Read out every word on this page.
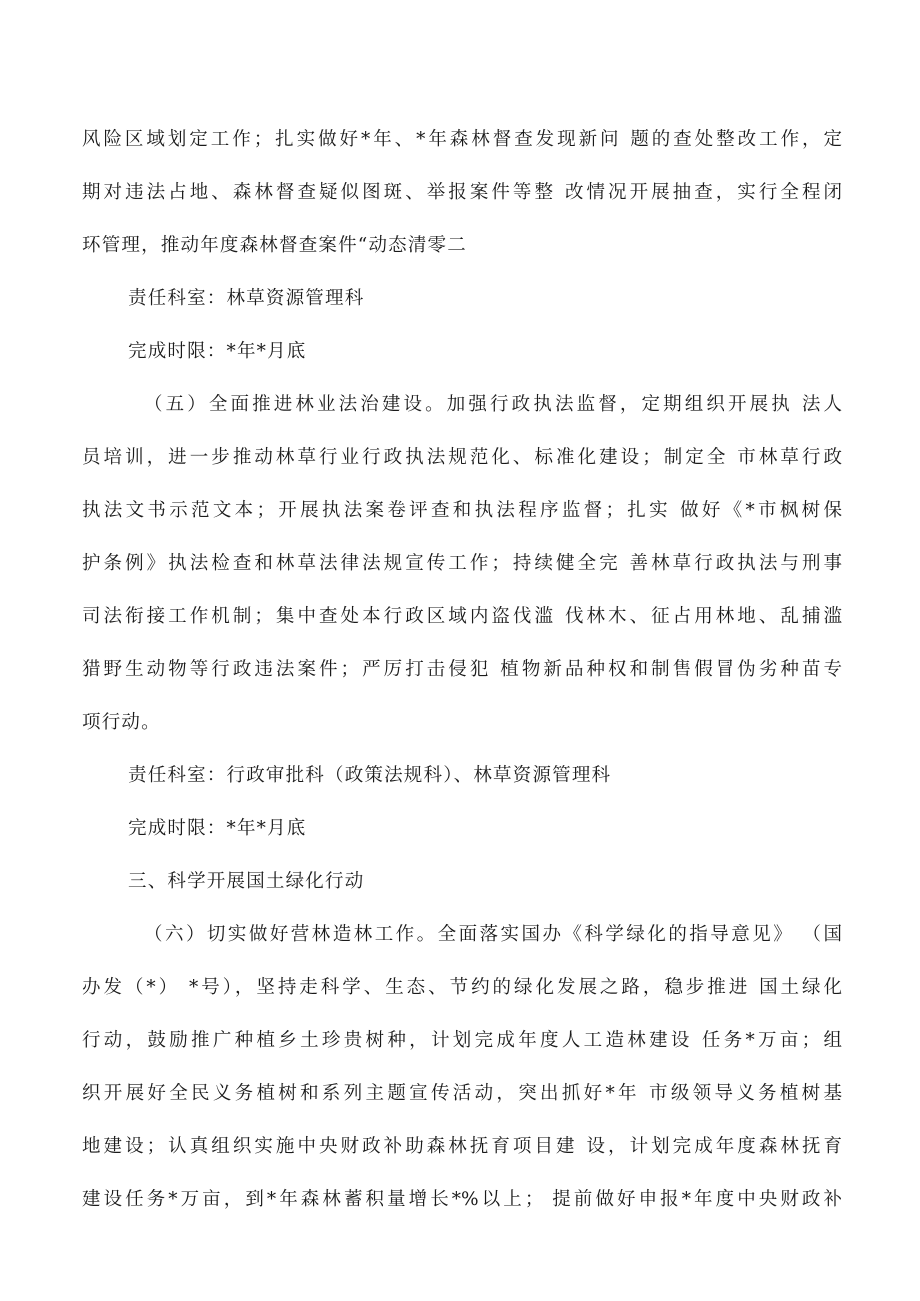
风险区域划定工作；扎实做好*年、*年森林督查发现新问 题的查处整改工作，定
期对违法占地、森林督查疑似图斑、举报案件等整 改情况开展抽查，实行全程闭
环管理，推动年度森林督查案件“动态清零二
责任科室：林草资源管理科
完成时限：*年*月底
（五）全面推进林业法治建设。加强行政执法监督，定期组织开展执 法人
员培训，进一步推动林草行业行政执法规范化、标准化建设；制定全 市林草行政
执法文书示范文本；开展执法案卷评查和执法程序监督；扎实 做好《*市枫树保
护条例》执法检查和林草法律法规宣传工作；持续健全完 善林草行政执法与刑事
司法衔接工作机制；集中查处本行政区域内盗伐滥 伐林木、征占用林地、乱捕滥
猎野生动物等行政违法案件；严厉打击侵犯 植物新品种权和制售假冒伪劣种苗专
项行动。
责任科室：行政审批科（政策法规科）、林草资源管理科
完成时限：*年*月底
三、科学开展国土绿化行动
（六）切实做好营林造林工作。全面落实国办《科学绿化的指导意见》 （国
办发（*） *号），坚持走科学、生态、节约的绿化发展之路，稳步推进 国土绿化
行动，鼓励推广种植乡土珍贵树种，计划完成年度人工造林建设 任务*万亩；组
织开展好全民义务植树和系列主题宣传活动，突出抓好*年 市级领导义务植树基
地建设；认真组织实施中央财政补助森林抚育项目建 设，计划完成年度森林抚育
建设任务*万亩，到*年森林蓄积量增长*%以上； 提前做好申报*年度中央财政补
